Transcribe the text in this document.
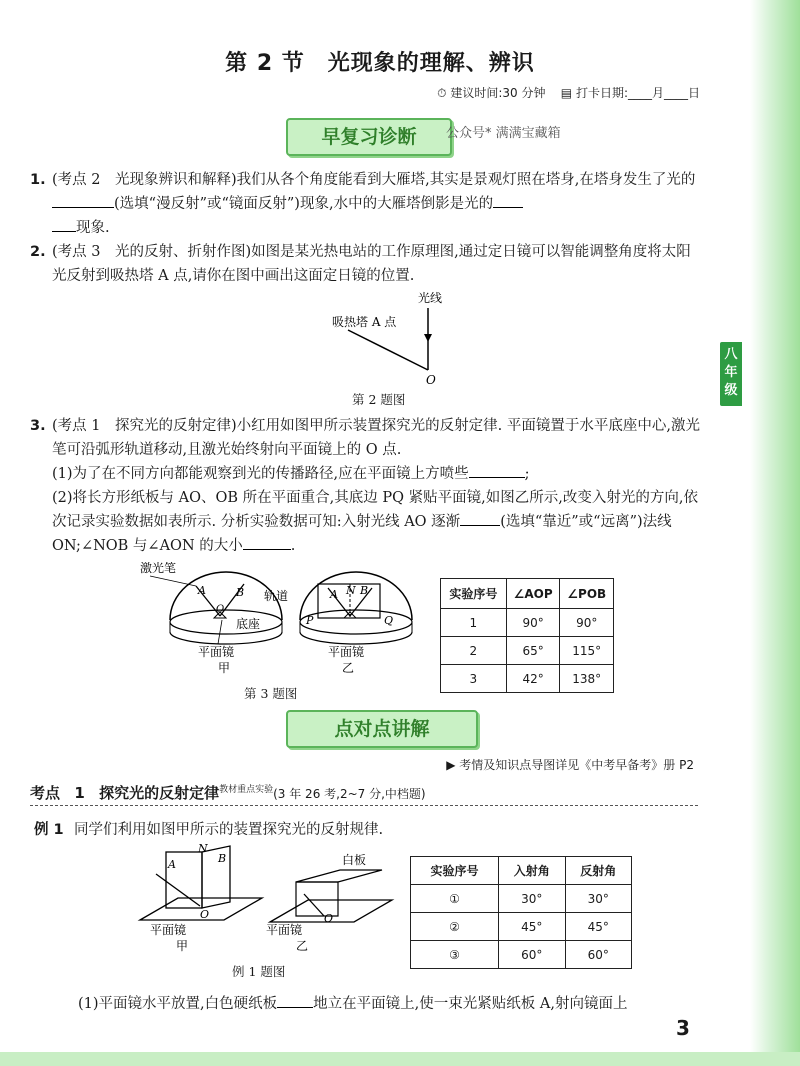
第 2 节　光现象的理解、辨识
⏱ 建议时间:30 分钟 ▤ 打卡日期:____月____日
早复习诊断	公众号* 满满宝藏箱
八年级
1. (考点 2　光现象辨识和解释)我们从各个角度能看到大雁塔,其实是景观灯照在塔身,在塔身发生了光的(选填“漫反射”或“镜面反射”)现象,水中的大雁塔倒影是光的
现象.
2. (考点 3　光的反射、折射作图)如图是某光热电站的工作原理图,通过定日镜可以智能调整角度将太阳光反射到吸热塔 A 点,请你在图中画出这面定日镜的位置.
光线
吸热塔 A 点
O
第 2 题图
3. (考点 1　探究光的反射定律)小红用如图甲所示装置探究光的反射定律. 平面镜置于水平底座中心,激光笔可沿弧形轨道移动,且激光始终射向平面镜上的 O 点.
(1)为了在不同方向都能观察到光的传播路径,应在平面镜上方喷些	;
(2)将长方形纸板与 AO、OB 所在平面重合,其底边 PQ 紧贴平面镜,如图乙所示,改变入射光的方向,依次记录实验数据如表所示. 分析实验数据可知:入射光线 AO 逐渐	(选填“靠近”或“远离”)法线 ON;∠NOB 与∠AON 的大小	.
激光笔
A	B
O
轨道
底座
平面镜
甲
A N B
P	Q
平面镜
乙
第 3 题图
实验序号	∠AOP	∠POB
1	90°	90°
2	65°	115°
3	42°	138°
点对点讲解
▶ 考情及知识点导图详见《中考早备考》册 P2
考点 1 探究光的反射定律$^{教材重点实验}$(3 年 26 考,2~7 分,中档题)
例 1 同学们利用如图甲所示的装置探究光的反射规律.
A
N
B
O
平面镜
甲
白板
O
平面镜
乙
例 1 题图
实验序号	入射角	反射角
①	30°	30°
②	45°	45°
③	60°	60°
(1)平面镜水平放置,白色硬纸板 地立在平面镜上,使一束光紧贴纸板 A,射向镜面上
3
